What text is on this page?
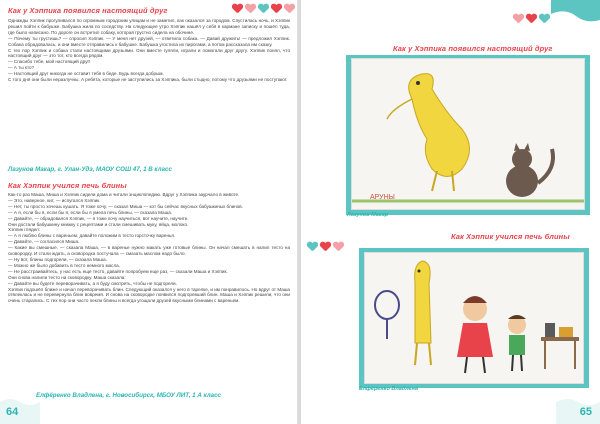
Как у Хэппика появился настоящий друг

Однажды Хэппик прогуливался по огромным городским улицам и не заметил, как оказался за городом. Спустилась ночь, и Хэппик решил пойти к бабушке. Бабушка жила по соседству. На следующее утро Хэппик нашёл у себя в кармане записку и пошёл туда, где было написано. По дороге он встретил собаку, которая грустно сидела на обочине.

— Почему ты грустишь? — спросил Хэппик. — У меня нет друзей, — ответила собака. — Давай дружить! — предложил Хэппик. Собака обрадовалась, и они вместе отправились к бабушке. Бабушка угостила их пирогами, а потом рассказала им сказку.

С тех пор Хэппик и собака стали настоящими друзьями. Они вместе гуляли, играли и помогали друг другу. Хэппик понял, что настоящий друг — это тот, кто всегда рядом.

— Спасибо тебе, мой настоящий друг!

— А ты кто?

— Настоящий друг никогда не оставит тебя в беде. Будь всегда добрым.

С того дня они были неразлучны. А ребята, которые не заступились за Хэппика, были стыдно, потому что друзьями не поступают.

Лазунов Макар, г. Улан-Удэ, МАОУ СОШ 47, 1 В класс
Как Хэппик учился печь блины

Как-то раз Маша, Миша и Хэппик сидели дома и читали энциклопедию. Вдруг у Хэппика заурчало в животе.

— Это, наверное, кит, — испугался Хэппик.

— Нет, ты просто хочешь кушать. Я тоже хочу, — сказал Миша — кот бы сейчас вкусных бабушкиных блинов.

— А я, если бы я, если бы я, если бы я умела печь блины, — сказала Маша.

— Давайте, — обрадовался Хэппик, — я тоже хочу научиться, вот научите, научите.

Они достали бабушкину книжку с рецептами и стали смешивать муку, яйца, молоко.

Хэппик глядел:

— А я люблю блины с вареньем, давайте положим в тесто горсточку варенья.

— Давайте, — согласился Миша.

— Какие вы смешные, — сказала Маша, — в варенье нужно макать уже готовые блины. Он начал смешать в налил тесто на сковородку. И стали ждать, а сковородка постучала — смазать маслом надо было.

— Ну вот, блины подгорели, — сказала Маша.

— Можно же было добавить в тесто немного масла.

— Не расстраивайтесь, у нас есть еще тесто, давайте попробуем еще раз, — сказали Маша и Хэппик.

Они снова налили тесто на сковородку. Маша сказала:

— Давайте вы будете переворачивать, а я буду смотреть, чтобы не подгорели.

Хэппик подошёл ближе и начал переворачивать блин. Следующий оказался у него в тарелке, и им понравилось. Но вдруг от Маша отвлеклась и не перевернула блин вовремя. И снова на сковородке появился подгоревший блин. Маша и Хэппик решили, что они очень старались. С тех пор они часто пекли блины и всегда угощали друзей вкусными блинами с вареньем.

Елфёренко Владлена, г. Новосибирск, МБОУ ЛИТ, 1 А класс
64
Как у Хэппика появился настоящий друг
АРУНЫ
Лазунов Макар
Как Хэппик учился печь блины
Елфёренко Владлена
65
